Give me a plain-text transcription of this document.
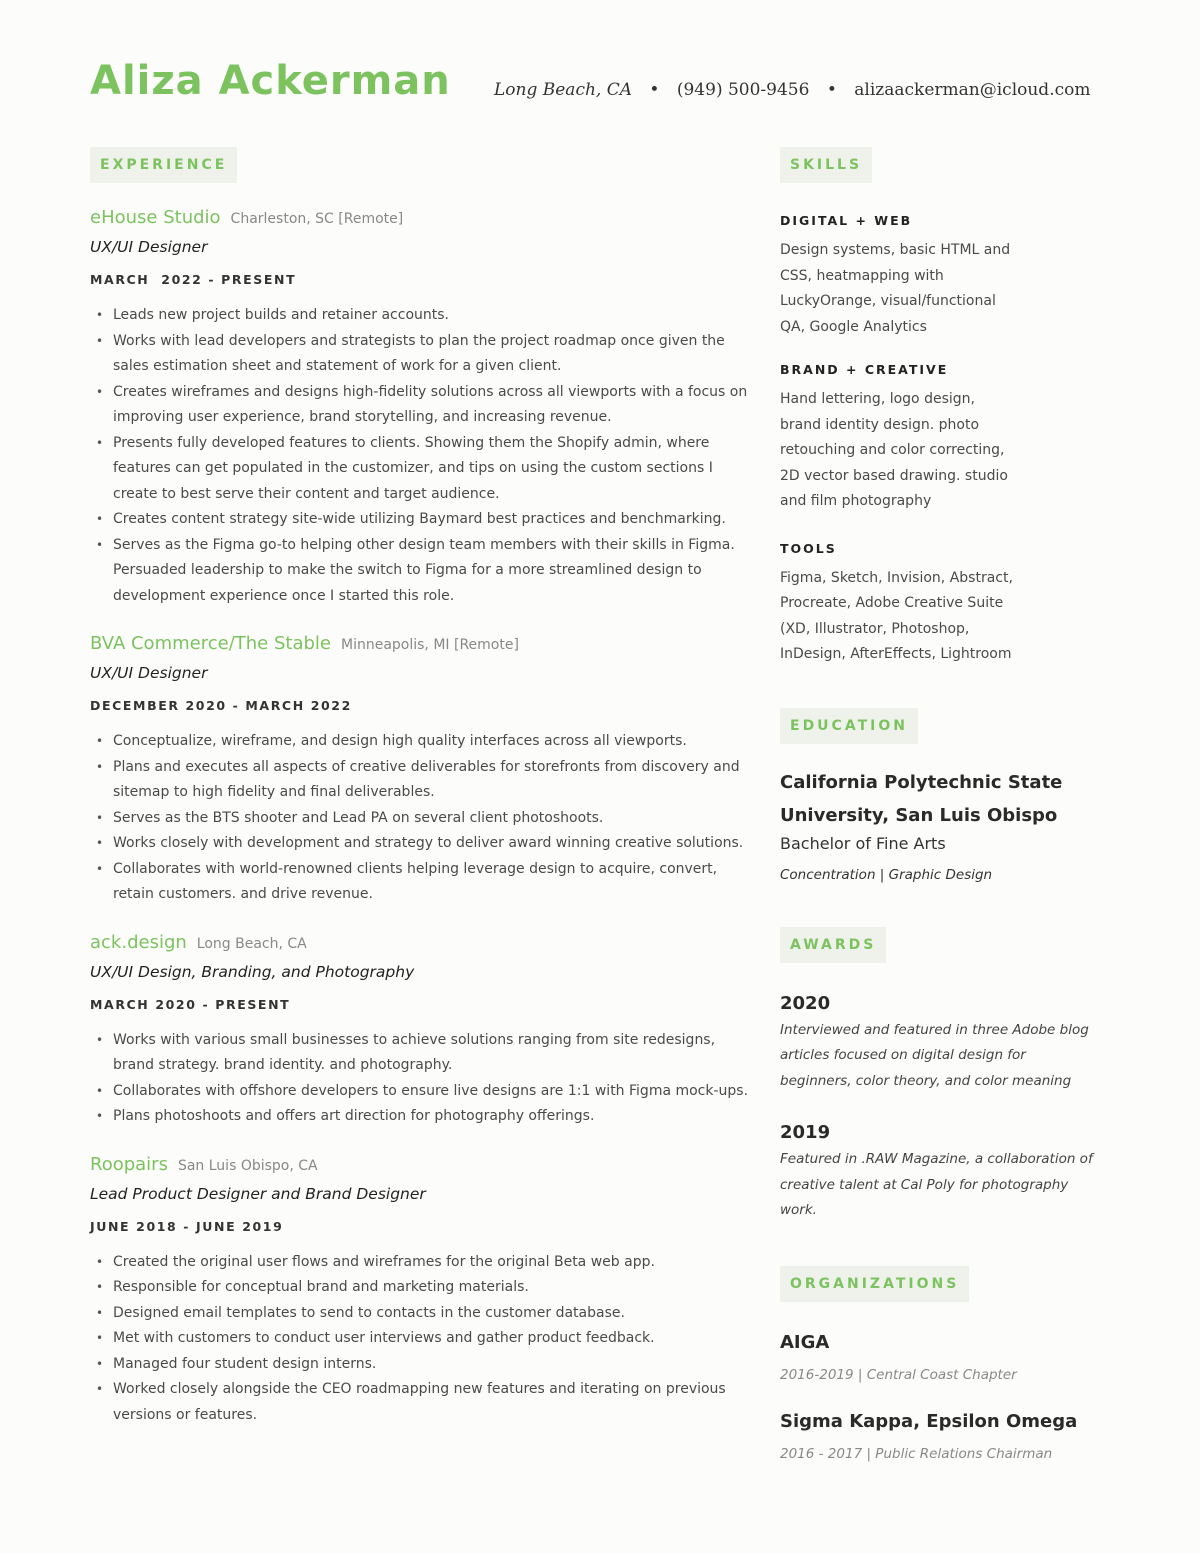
Aliza Ackerman	Long Beach, CA • (949) 500-9456 • alizaackerman@icloud.com
EXPERIENCE
eHouse Studio Charleston, SC [Remote]
UX/UI Designer
MARCH  2022 - PRESENT
• Leads new project builds and retainer accounts.
• Works with lead developers and strategists to plan the project roadmap once given the sales estimation sheet and statement of work for a given client.
• Creates wireframes and designs high-fidelity solutions across all viewports with a focus on improving user experience, brand storytelling, and increasing revenue.
• Presents fully developed features to clients. Showing them the Shopify admin, where features can get populated in the customizer, and tips on using the custom sections I create to best serve their content and target audience.
• Creates content strategy site-wide utilizing Baymard best practices and benchmarking.
• Serves as the Figma go-to helping other design team members with their skills in Figma. Persuaded leadership to make the switch to Figma for a more streamlined design to development experience once I started this role.
BVA Commerce/The Stable Minneapolis, MI [Remote]
UX/UI Designer
DECEMBER 2020 - MARCH 2022
• Conceptualize, wireframe, and design high quality interfaces across all viewports.
• Plans and executes all aspects of creative deliverables for storefronts from discovery and sitemap to high fidelity and final deliverables.
• Serves as the BTS shooter and Lead PA on several client photoshoots.
• Works closely with development and strategy to deliver award winning creative solutions.
• Collaborates with world-renowned clients helping leverage design to acquire, convert, retain customers. and drive revenue.
ack.design Long Beach, CA
UX/UI Design, Branding, and Photography
MARCH 2020 - PRESENT
• Works with various small businesses to achieve solutions ranging from site redesigns, brand strategy. brand identity. and photography.
• Collaborates with offshore developers to ensure live designs are 1:1 with Figma mock-ups.
• Plans photoshoots and offers art direction for photography offerings.
Roopairs San Luis Obispo, CA
Lead Product Designer and Brand Designer
JUNE 2018 - JUNE 2019
• Created the original user flows and wireframes for the original Beta web app.
• Responsible for conceptual brand and marketing materials.
• Designed email templates to send to contacts in the customer database.
• Met with customers to conduct user interviews and gather product feedback.
• Managed four student design interns.
• Worked closely alongside the CEO roadmapping new features and iterating on previous versions or features.
SKILLS
DIGITAL + WEB
Design systems, basic HTML and CSS, heatmapping with LuckyOrange, visual/functional QA, Google Analytics
BRAND + CREATIVE
Hand lettering, logo design, brand identity design. photo retouching and color correcting, 2D vector based drawing. studio and film photography
TOOLS
Figma, Sketch, Invision, Abstract, Procreate, Adobe Creative Suite (XD, Illustrator, Photoshop, InDesign, AfterEffects, Lightroom
EDUCATION
California Polytechnic State University, San Luis Obispo
Bachelor of Fine Arts
Concentration | Graphic Design
AWARDS
2020
Interviewed and featured in three Adobe blog articles focused on digital design for beginners, color theory, and color meaning
2019
Featured in .RAW Magazine, a collaboration of creative talent at Cal Poly for photography work.
ORGANIZATIONS
AIGA
2016-2019 | Central Coast Chapter
Sigma Kappa, Epsilon Omega
2016 - 2017 | Public Relations Chairman
